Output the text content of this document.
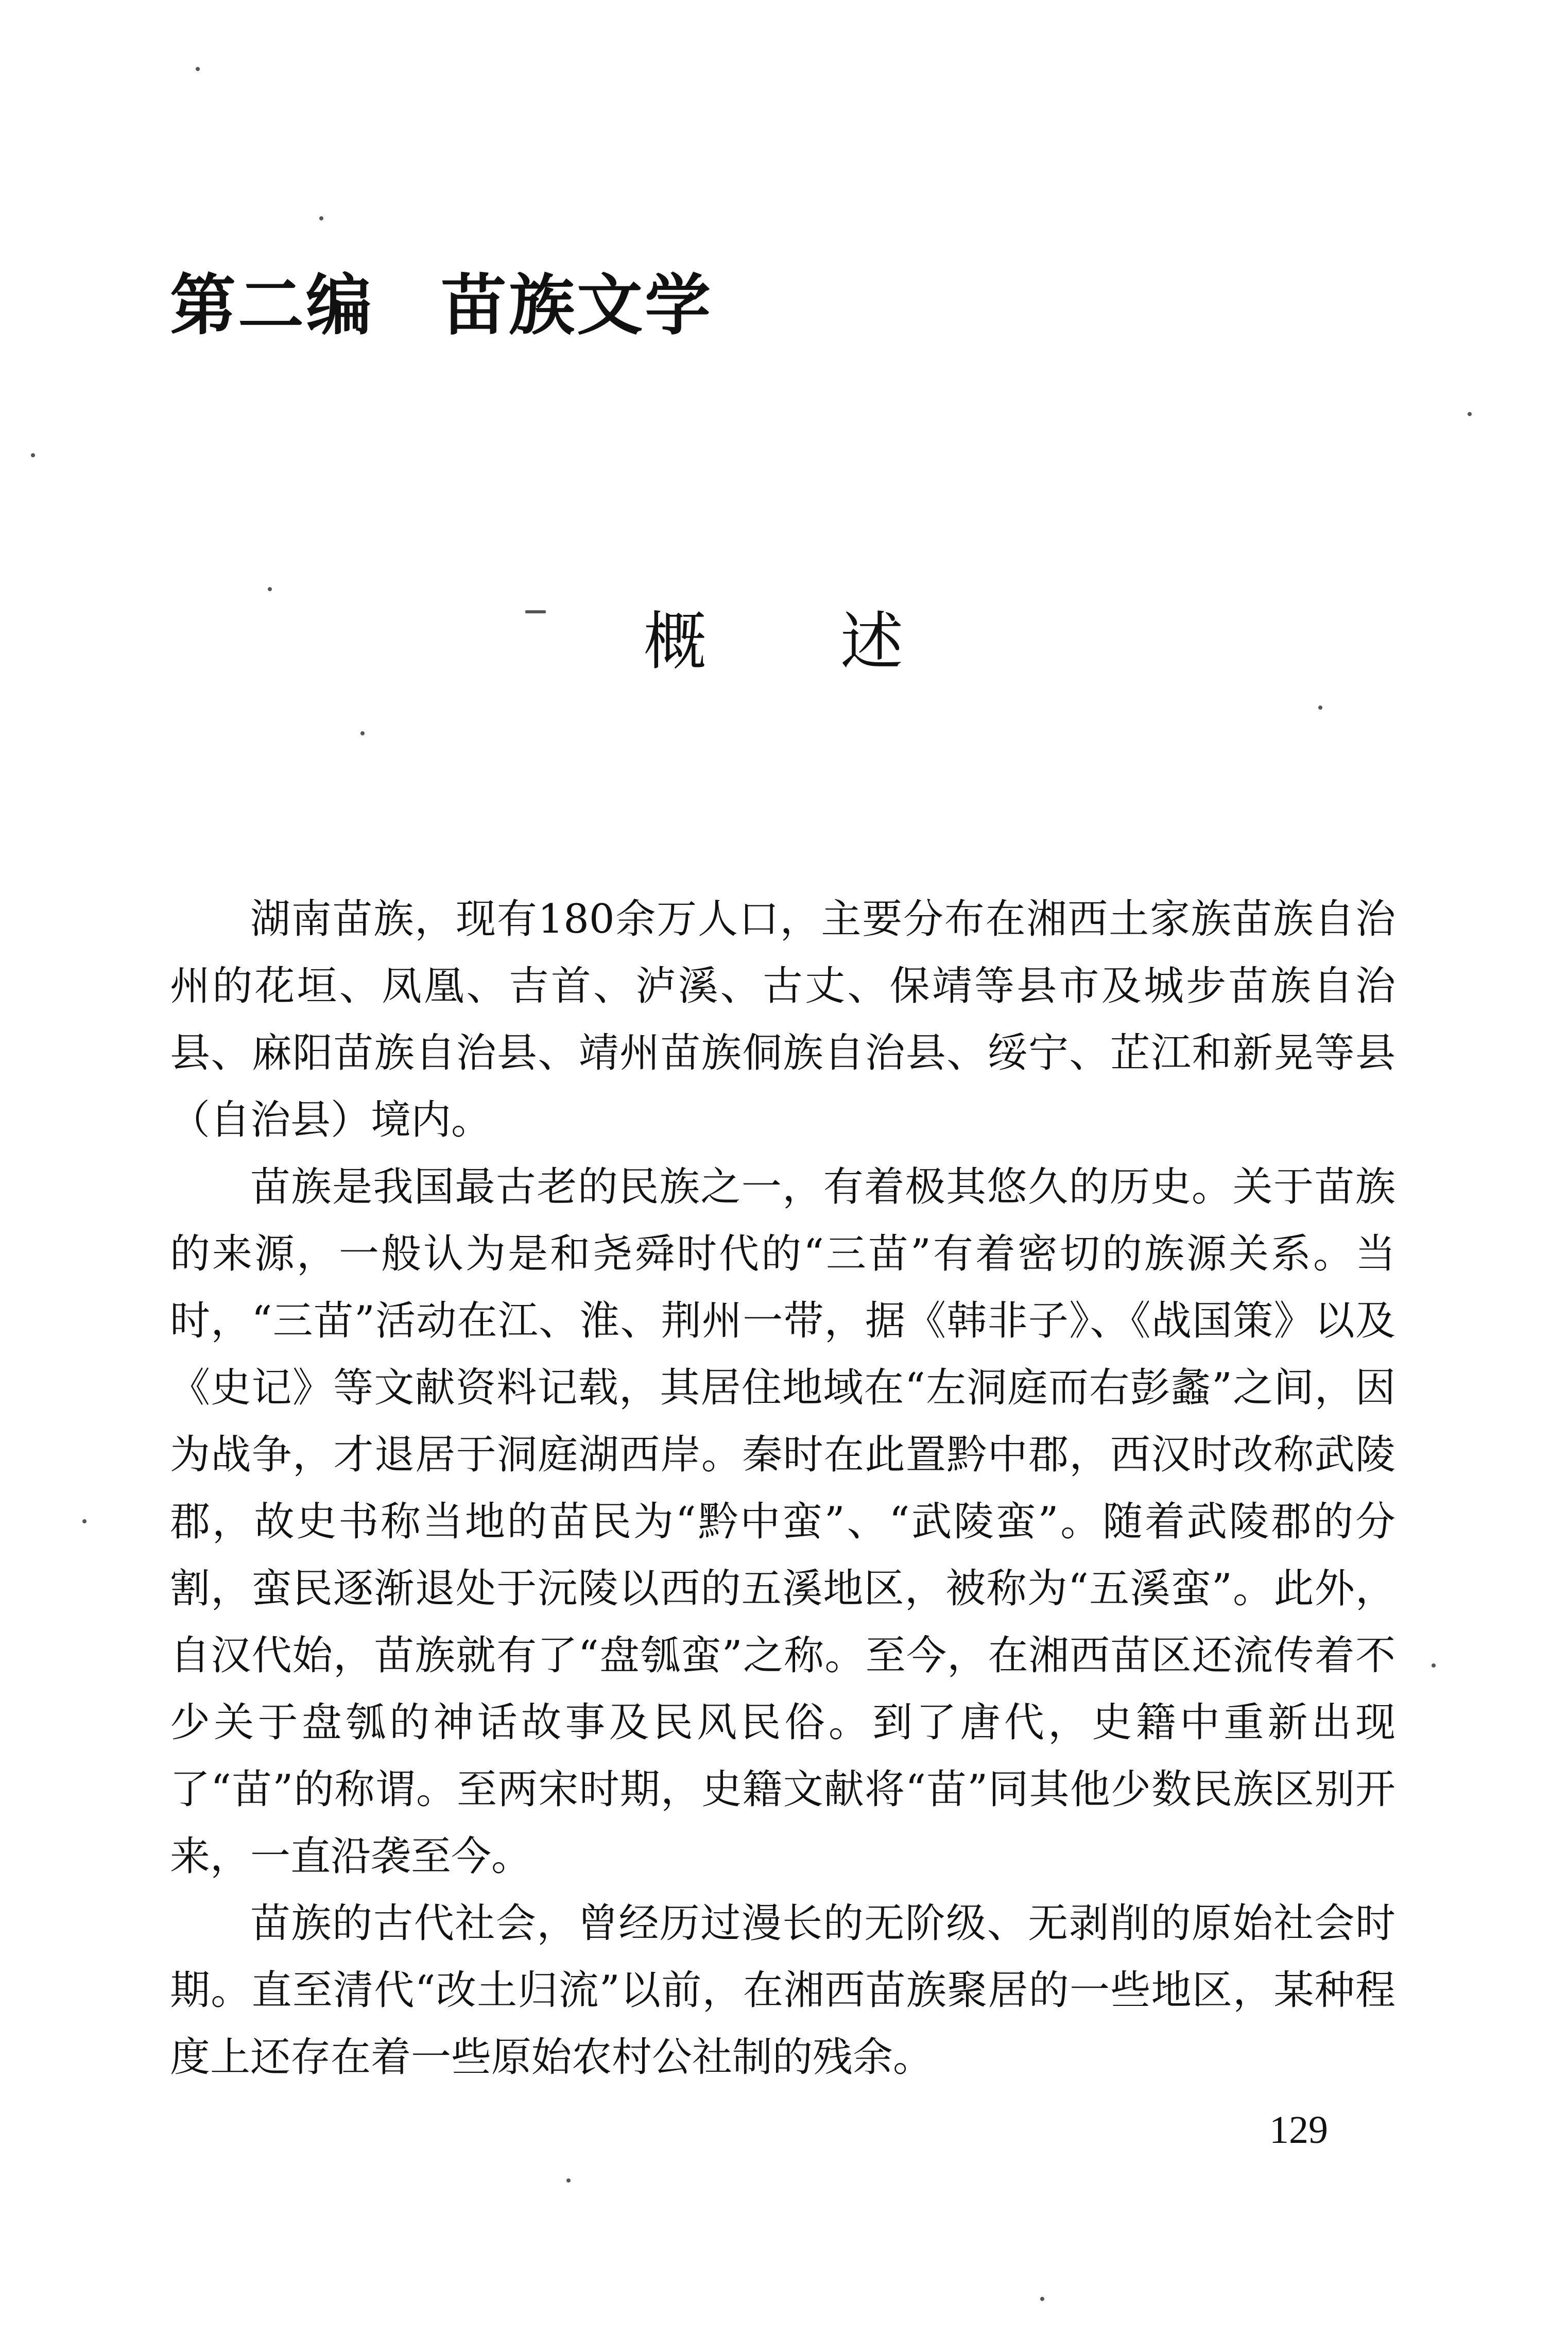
第二编 苗族文学
概述

湖南苗族，现有180余万人口，主要分布在湘西土家族苗族自治州的花垣、凤凰、吉首、泸溪、古丈、保靖等县市及城步苗族自治县、麻阳苗族自治县、靖州苗族侗族自治县、绥宁、芷江和新晃等县（自治县）境内。

苗族是我国最古老的民族之一，有着极其悠久的历史。关于苗族的来源，一般认为是和尧舜时代的“三苗”有着密切的族源关系。当时，“三苗”活动在江、淮、荆州一带，据《韩非子》、《战国策》以及《史记》等文献资料记载，其居住地域在“左洞庭而右彭蠡”之间，因为战争，才退居于洞庭湖西岸。秦时在此置黔中郡，西汉时改称武陵郡，故史书称当地的苗民为“黔中蛮”、“武陵蛮”。随着武陵郡的分割，蛮民逐渐退处于沅陵以西的五溪地区，被称为“五溪蛮”。此外，自汉代始，苗族就有了“盘瓠蛮”之称。至今，在湘西苗区还流传着不少关于盘瓠的神话故事及民风民俗。到了唐代，史籍中重新出现了“苗”的称谓。至两宋时期，史籍文献将“苗”同其他少数民族区别开来，一直沿袭至今。

苗族的古代社会，曾经历过漫长的无阶级、无剥削的原始社会时期。直至清代“改土归流”以前，在湘西苗族聚居的一些地区，某种程度上还存在着一些原始农村公社制的残余。

129
